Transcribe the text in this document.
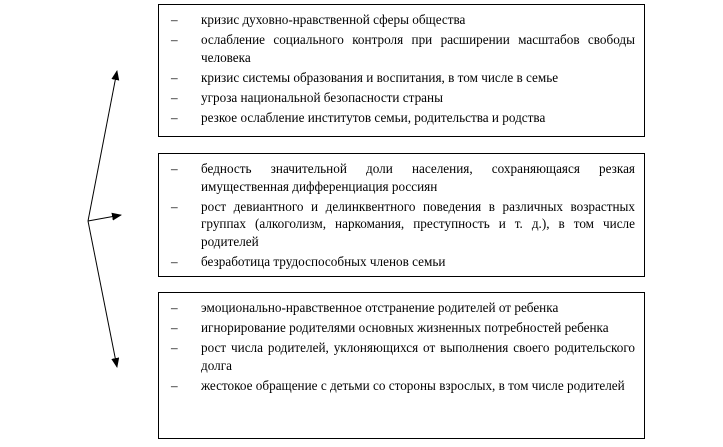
– кризис духовно-нравственной сферы общества
– ослабление социального контроля при расширении масштабов свободы человека
– кризис системы образования и воспитания, в том числе в семье
– угроза национальной безопасности страны
– резкое ослабление институтов семьи, родительства и родства
– бедность значительной доли населения, сохраняющаяся резкая имущественная дифференциация россиян
– рост девиантного и делинквентного поведения в различных возрастных группах (алкоголизм, наркомания, преступность и т. д.), в том числе родителей
– безработица трудоспособных членов семьи
– эмоционально-нравственное отстранение родителей от ребенка
– игнорирование родителями основных жизненных потребностей ребенка
– рост числа родителей, уклоняющихся от выполнения своего родительского долга
– жестокое обращение с детьми со стороны взрослых, в том числе родителей
